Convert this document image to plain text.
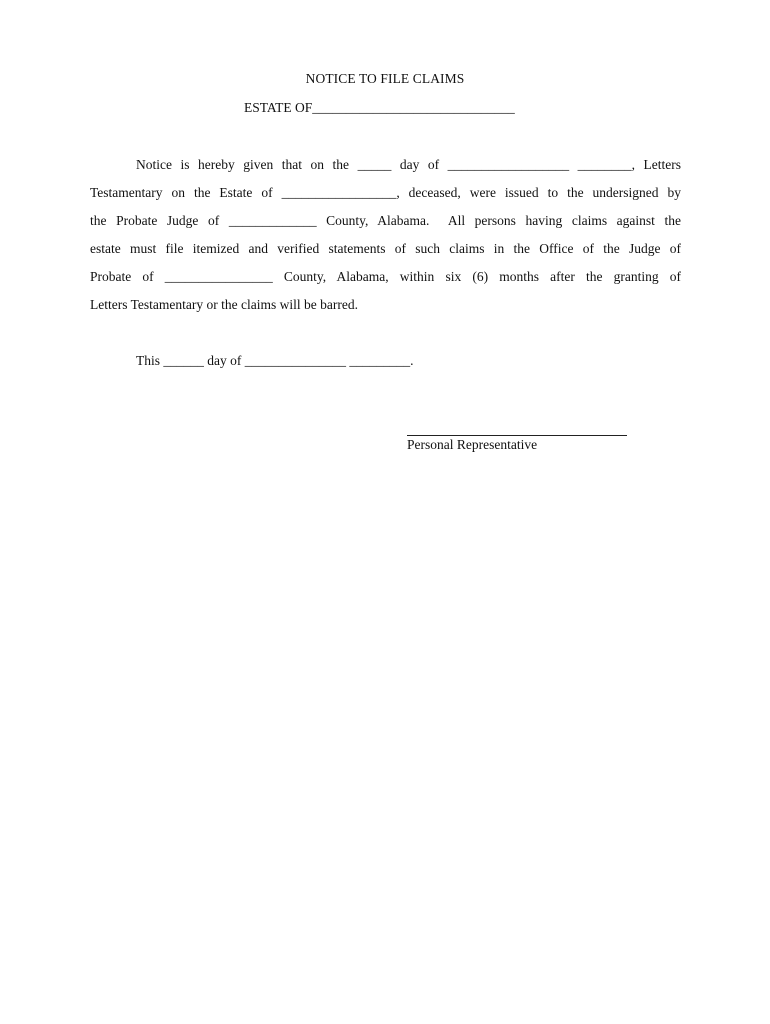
NOTICE TO FILE CLAIMS
ESTATE OF______________________________
Notice is hereby given that on the _____ day of __________________ ________, Letters
Testamentary on the Estate of _________________, deceased, were issued to the undersigned by
the Probate Judge of _____________ County, Alabama.  All persons having claims against the
estate must file itemized and verified statements of such claims in the Office of the Judge of
Probate of ________________ County, Alabama, within six (6) months after the granting of
Letters Testamentary or the claims will be barred.
This ______ day of _______________ _________.
Personal Representative
